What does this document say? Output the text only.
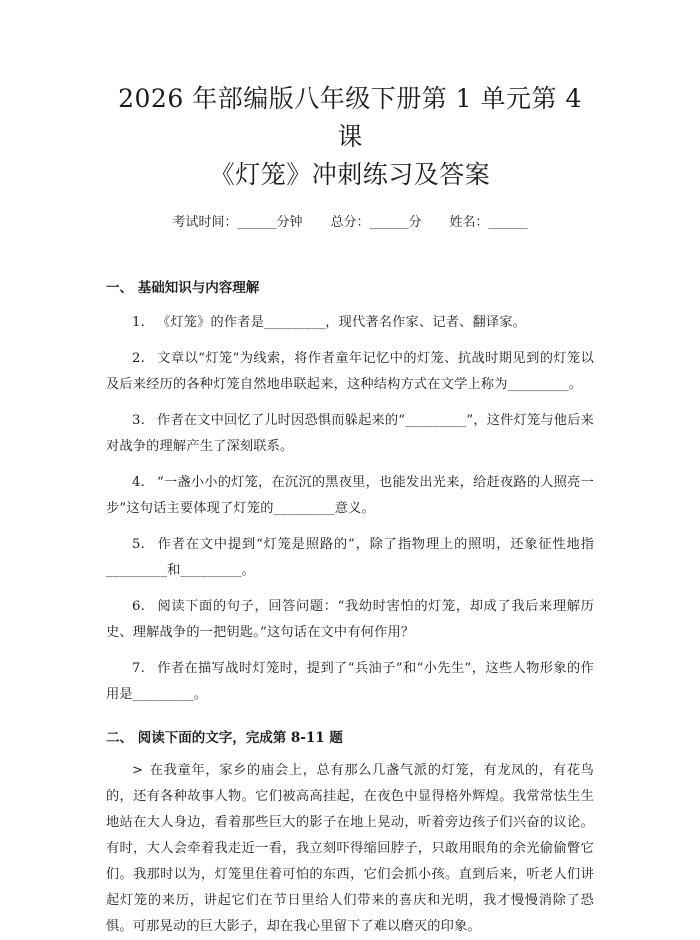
2026 年部编版八年级下册第 1 单元第 4 课
《灯笼》冲刺练习及答案
考试时间：______分钟 总分：______分 姓名：______
一、 基础知识与内容理解

1. 《灯笼》的作者是_________，现代著名作家、记者、翻译家。

2. 文章以“灯笼”为线索，将作者童年记忆中的灯笼、抗战时期见到的灯笼以及后来经历的各种灯笼自然地串联起来，这种结构方式在文学上称为_________。

3. 作者在文中回忆了儿时因恐惧而躲起来的“_________”，这件灯笼与他后来对战争的理解产生了深刻联系。

4. “一盏小小的灯笼，在沉沉的黑夜里，也能发出光来，给赶夜路的人照亮一步”这句话主要体现了灯笼的_________意义。

5. 作者在文中提到“灯笼是照路的”，除了指物理上的照明，还象征性地指_________和_________。

6. 阅读下面的句子，回答问题：“我幼时害怕的灯笼，却成了我后来理解历史、理解战争的一把钥匙。”这句话在文中有何作用？

7. 作者在描写战时灯笼时，提到了“兵油子”和“小先生”，这些人物形象的作用是_________。

二、 阅读下面的文字，完成第 8-11 题

> 在我童年，家乡的庙会上，总有那么几盏气派的灯笼，有龙凤的，有花鸟的，还有各种故事人物。它们被高高挂起，在夜色中显得格外辉煌。我常常怯生生地站在大人身边，看着那些巨大的影子在地上晃动，听着旁边孩子们兴奋的议论。有时，大人会牵着我走近一看，我立刻吓得缩回脖子，只敢用眼角的余光偷偷瞥它们。我那时以为，灯笼里住着可怕的东西，它们会抓小孩。直到后来，听老人们讲起灯笼的来历，讲起它们在节日里给人们带来的喜庆和光明，我才慢慢消除了恐惧。可那晃动的巨大影子，却在我心里留下了难以磨灭的印象。
